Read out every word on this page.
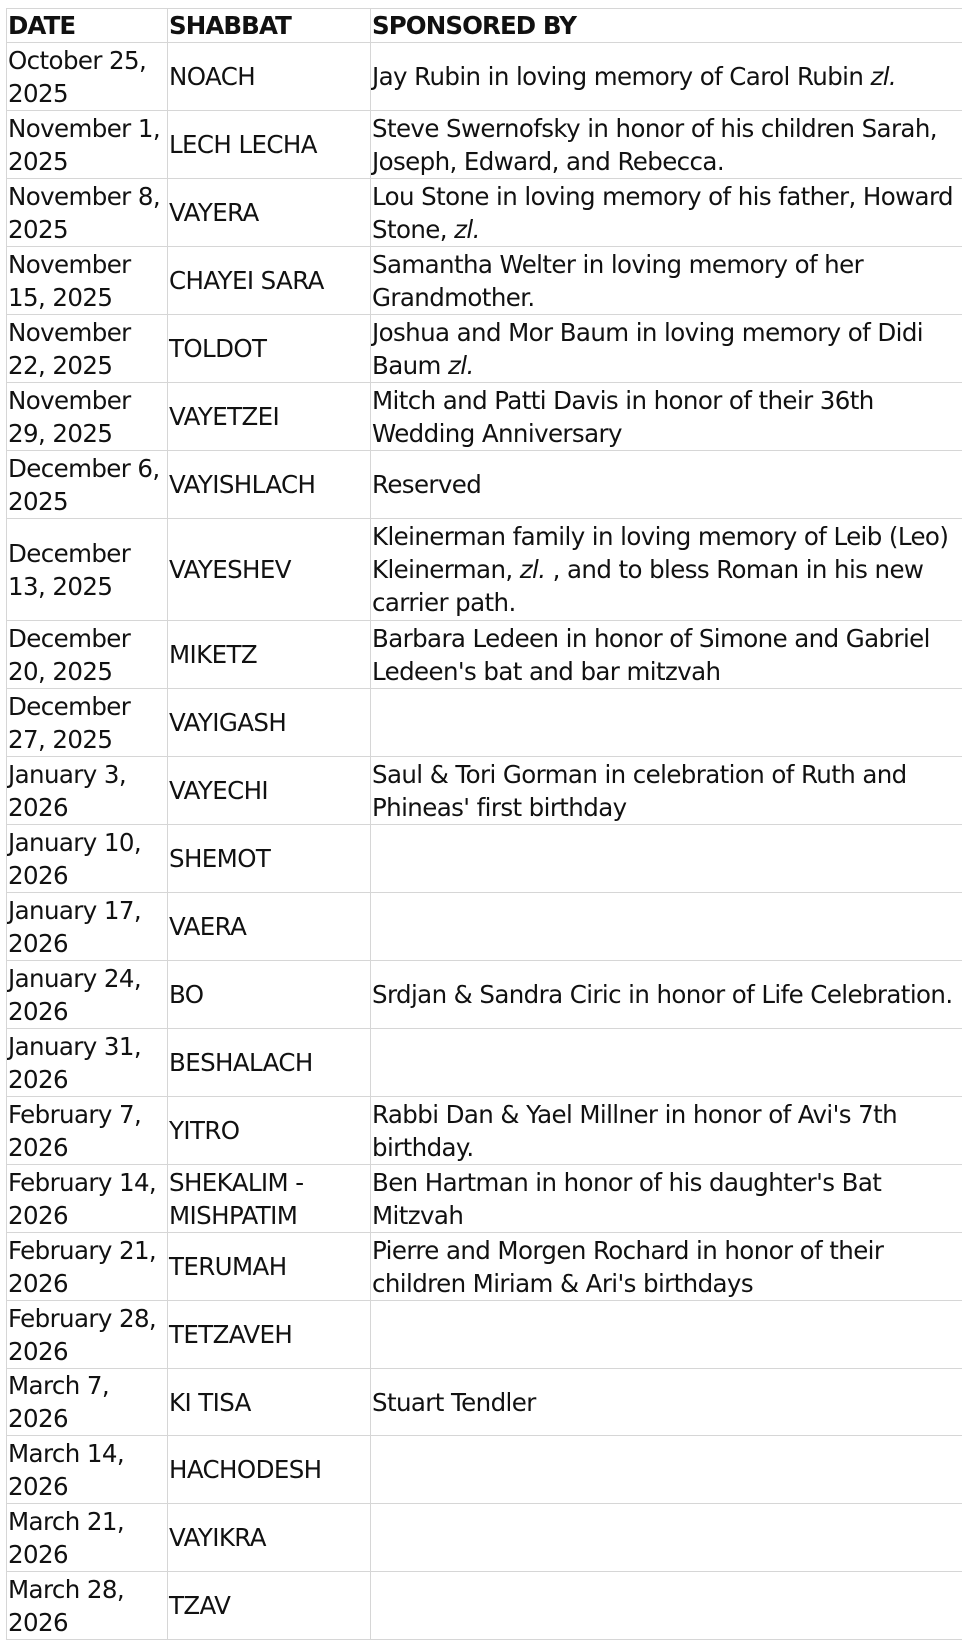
DATE	SHABBAT	SPONSORED BY
October 25, 2025	NOACH	Jay Rubin in loving memory of Carol Rubin zl.
November 1, 2025	LECH LECHA	Steve Swernofsky in honor of his children Sarah, Joseph, Edward, and Rebecca.
November 8, 2025	VAYERA	Lou Stone in loving memory of his father, Howard Stone, zl.
November 15, 2025	CHAYEI SARA	Samantha Welter in loving memory of her Grandmother.
November 22, 2025	TOLDOT	Joshua and Mor Baum in loving memory of Didi Baum zl.
November 29, 2025	VAYETZEI	Mitch and Patti Davis in honor of their 36th Wedding Anniversary
December 6, 2025	VAYISHLACH	Reserved
December 13, 2025	VAYESHEV	Kleinerman family in loving memory of Leib (Leo) Kleinerman, zl. , and to bless Roman in his new carrier path.
December 20, 2025	MIKETZ	Barbara Ledeen in honor of Simone and Gabriel Ledeen's bat and bar mitzvah
December 27, 2025	VAYIGASH	
January 3, 2026	VAYECHI	Saul & Tori Gorman in celebration of Ruth and Phineas' first birthday
January 10, 2026	SHEMOT	
January 17, 2026	VAERA	
January 24, 2026	BO	Srdjan & Sandra Ciric in honor of Life Celebration.
January 31, 2026	BESHALACH	
February 7, 2026	YITRO	Rabbi Dan & Yael Millner in honor of Avi's 7th birthday.
February 14, 2026	SHEKALIM - MISHPATIM	Ben Hartman in honor of his daughter's Bat Mitzvah
February 21, 2026	TERUMAH	Pierre and Morgen Rochard in honor of their children Miriam & Ari's birthdays
February 28, 2026	TETZAVEH	
March 7, 2026	KI TISA	Stuart Tendler
March 14, 2026	HACHODESH	
March 21, 2026	VAYIKRA	
March 28, 2026	TZAV	
